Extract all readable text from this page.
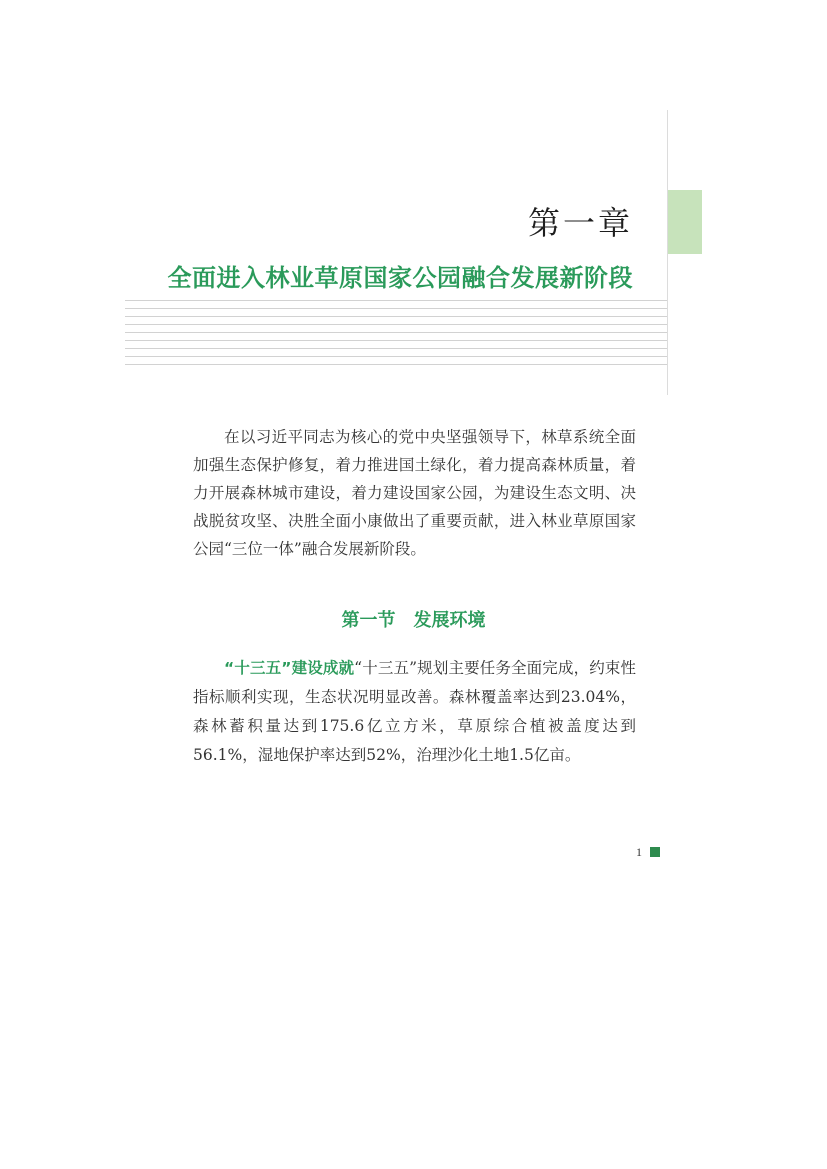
第一章
全面进入林业草原国家公园融合发展新阶段

在以习近平同志为核心的党中央坚强领导下，林草系统全面加强生态保护修复，着力推进国土绿化，着力提高森林质量，着力开展森林城市建设，着力建设国家公园，为建设生态文明、决战脱贫攻坚、决胜全面小康做出了重要贡献，进入林业草原国家公园“三位一体”融合发展新阶段。

第一节　发展环境

“十三五”建设成就“十三五”规划主要任务全面完成，约束性指标顺利实现，生态状况明显改善。森林覆盖率达到23.04%，森林蓄积量达到175.6亿立方米，草原综合植被盖度达到56.1%，湿地保护率达到52%，治理沙化土地1.5亿亩。

1
